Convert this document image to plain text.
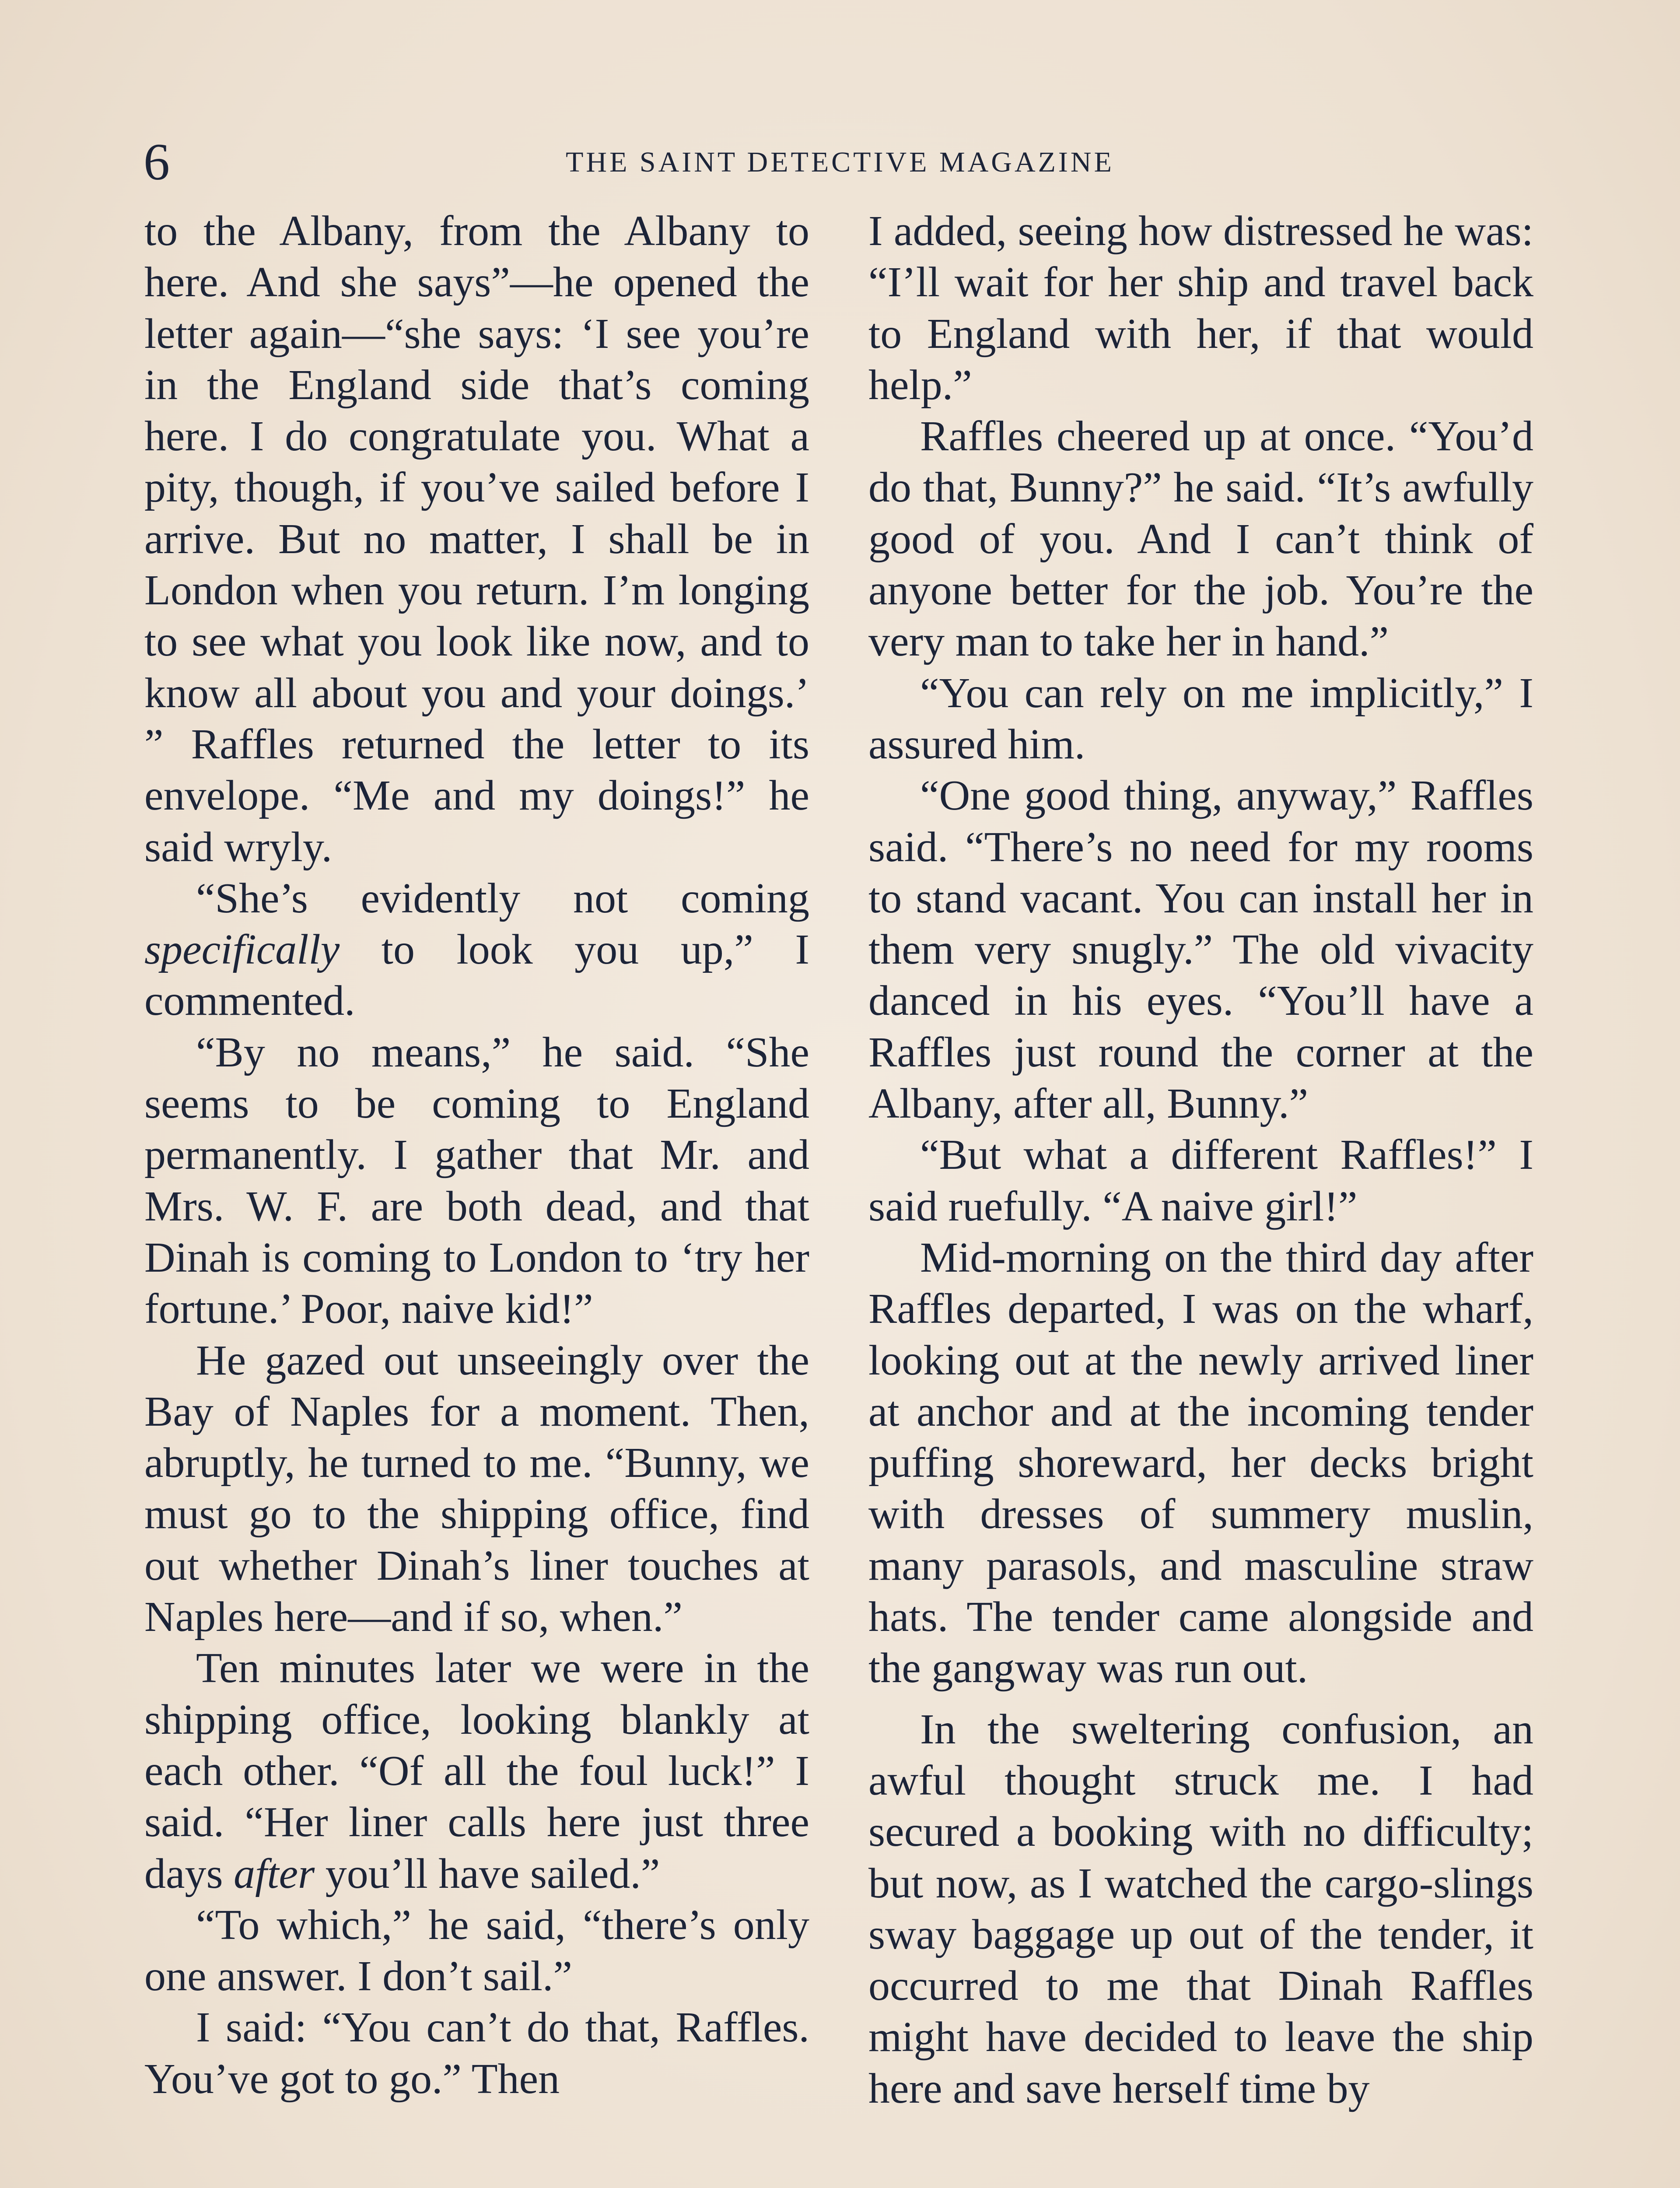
6	THE SAINT DETECTIVE MAGAZINE

to the Albany, from the Albany to here. And she says”—he opened the letter again—“she says: ‘I see you’re in the England side that’s coming here. I do congratulate you. What a pity, though, if you’ve sailed before I arrive. But no matter, I shall be in London when you return. I’m longing to see what you look like now, and to know all about you and your doings.’ ” Raffles returned the letter to its envelope. “Me and my doings!” he said wryly.

“She’s evidently not coming specifically to look you up,” I commented.

“By no means,” he said. “She seems to be coming to England permanently. I gather that Mr. and Mrs. W. F. are both dead, and that Dinah is coming to London to ‘try her fortune.’ Poor, naive kid!”

He gazed out unseeingly over the Bay of Naples for a moment. Then, abruptly, he turned to me. “Bunny, we must go to the shipping office, find out whether Dinah’s liner touches at Naples here—and if so, when.”

Ten minutes later we were in the shipping office, looking blankly at each other. “Of all the foul luck!” I said. “Her liner calls here just three days after you’ll have sailed.”

“To which,” he said, “there’s only one answer. I don’t sail.”

I said: “You can’t do that, Raffles. You’ve got to go.” Then

I added, seeing how distressed he was: “I’ll wait for her ship and travel back to England with her, if that would help.”

Raffles cheered up at once. “You’d do that, Bunny?” he said. “It’s awfully good of you. And I can’t think of anyone better for the job. You’re the very man to take her in hand.”

“You can rely on me implicitly,” I assured him.

“One good thing, anyway,” Raffles said. “There’s no need for my rooms to stand vacant. You can install her in them very snugly.” The old vivacity danced in his eyes. “You’ll have a Raffles just round the corner at the Albany, after all, Bunny.”

“But what a different Raffles!” I said ruefully. “A naive girl!”

Mid-morning on the third day after Raffles departed, I was on the wharf, looking out at the newly arrived liner at anchor and at the incoming tender puffing shoreward, her decks bright with dresses of summery muslin, many parasols, and masculine straw hats. The tender came alongside and the gangway was run out.

In the sweltering confusion, an awful thought struck me. I had secured a booking with no difficulty; but now, as I watched the cargo-slings sway baggage up out of the tender, it occurred to me that Dinah Raffles might have decided to leave the ship here and save herself time by
